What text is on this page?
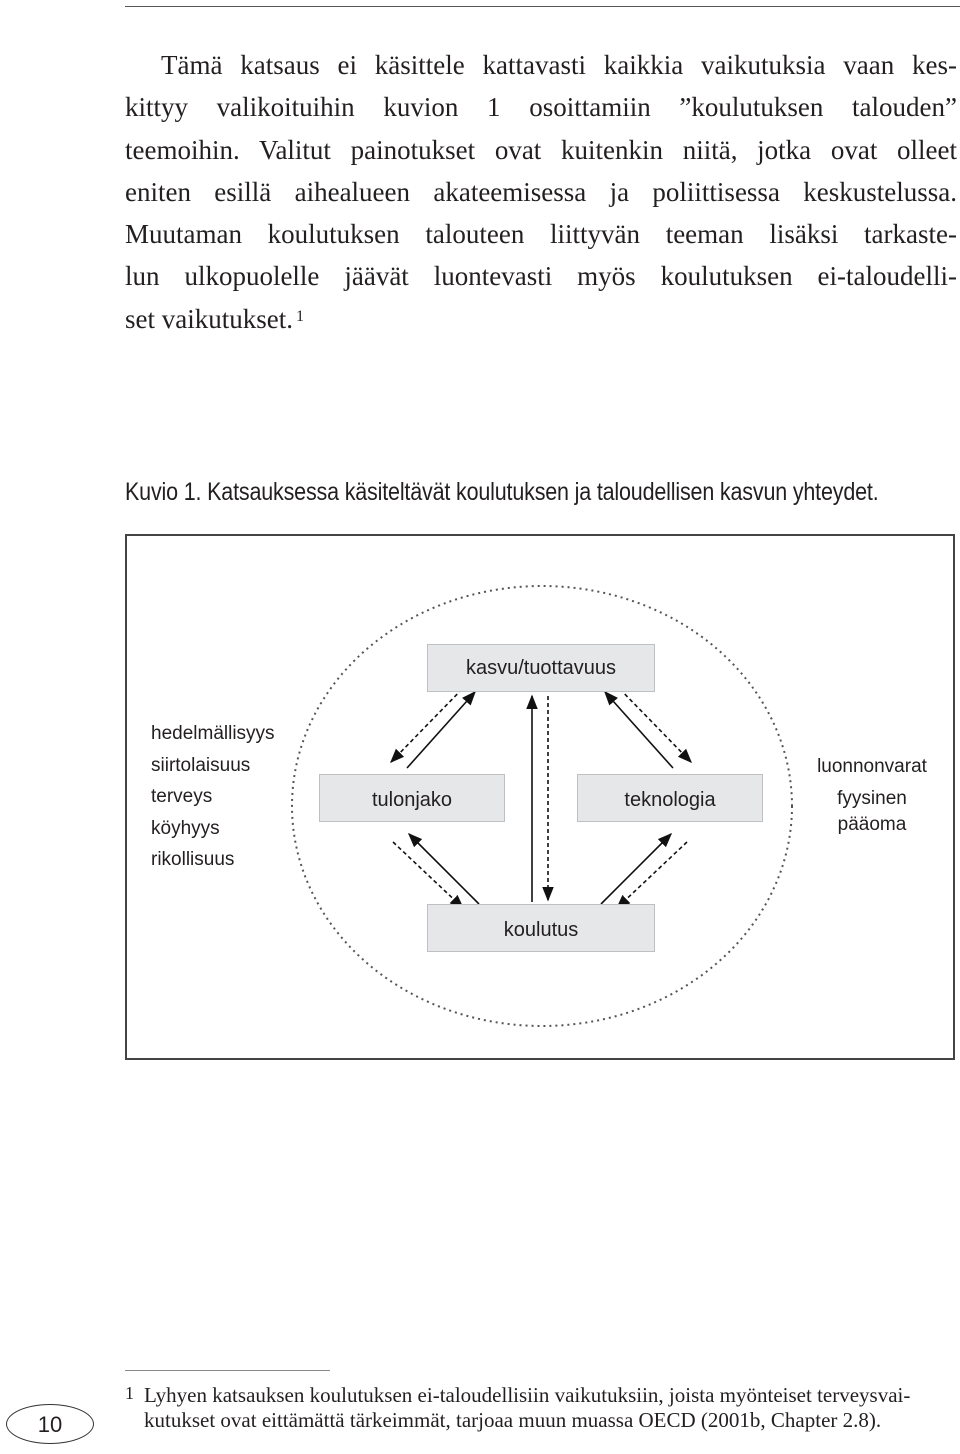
Tämä katsaus ei käsittele kattavasti kaikkia vaikutuksia vaan kes-
kittyy valikoituihin kuvion 1 osoittamiin ”koulutuksen talouden”
teemoihin. Valitut painotukset ovat kuitenkin niitä, jotka ovat olleet
eniten esillä aihealueen akateemisessa ja poliittisessa keskustelussa.
Muutaman koulutuksen talouteen liittyvän teeman lisäksi tarkaste-
lun ulkopuolelle jäävät luontevasti myös koulutuksen ei-taloudelli-
set vaikutukset. $^1$
Kuvio 1. Katsauksessa käsiteltävät koulutuksen ja taloudellisen kasvun yhteydet.
kasvu/tuottavuus
tulonjako	teknologia
koulutus
hedelmällisyys
siirtolaisuus
terveys
köyhyys
rikollisuus
luonnonvarat
fyysinen
pääoma
1 Lyhyen katsauksen koulutuksen ei-taloudellisiin vaikutuksiin, joista myönteiset terveysvai-
kutukset ovat eittämättä tärkeimmät, tarjoaa muun muassa OECD (2001b, Chapter 2.8).
10
